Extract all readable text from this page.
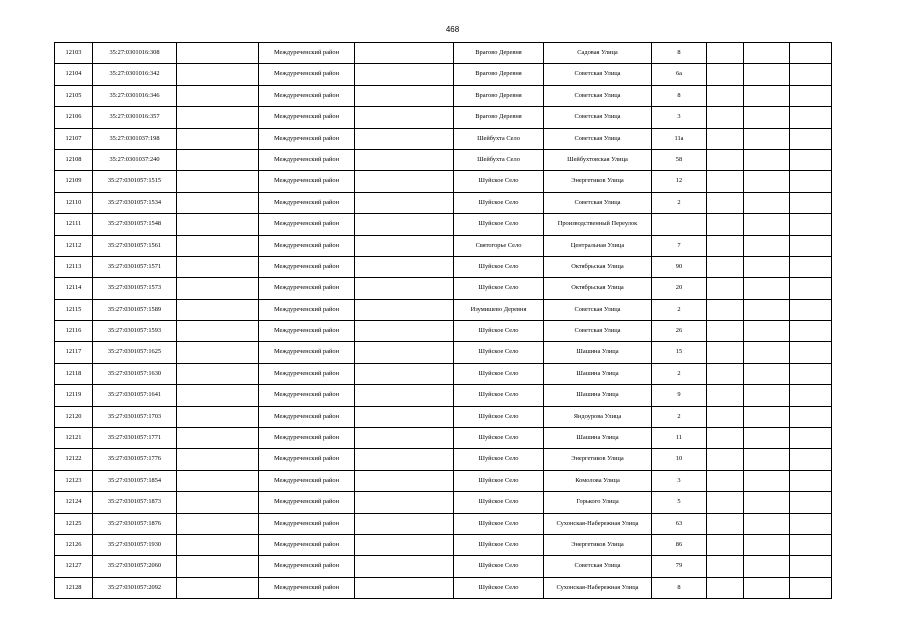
468
12103	35:27:0301016:308		Междуреченский район		Врагово Деревня	Садовая Улица	8			
12104	35:27:0301016:342		Междуреченский район		Врагово Деревня	Советская Улица	6а			
12105	35:27:0301016:346		Междуреченский район		Врагово Деревня	Советская Улица	8			
12106	35:27:0301016:357		Междуреченский район		Врагово Деревня	Советская Улица	3			
12107	35:27:0301037:198		Междуреченский район		Шейбухта Село	Советская Улица	11а			
12108	35:27:0301037:240		Междуреченский район		Шейбухта Село	Шейбухтовская Улица	58			
12109	35:27:0301057:1515		Междуреченский район		Шуйское Село	Энергетиков Улица	12			
12110	35:27:0301057:1534		Междуреченский район		Шуйское Село	Советская Улица	2			
12111	35:27:0301057:1548		Междуреченский район		Шуйское Село	Производственный Переулок				
12112	35:27:0301057:1561		Междуреченский район		Святогорье Село	Центральная Улица	7			
12113	35:27:0301057:1571		Междуреченский район		Шуйское Село	Октябрьская Улица	90			
12114	35:27:0301057:1573		Междуреченский район		Шуйское Село	Октябрьская Улица	20			
12115	35:27:0301057:1589		Междуреченский район		Изумишево Деревня	Советская Улица	2			
12116	35:27:0301057:1593		Междуреченский район		Шуйское Село	Советская Улица	26			
12117	35:27:0301057:1625		Междуреченский район		Шуйское Село	Шашина Улица	15			
12118	35:27:0301057:1630		Междуреченский район		Шуйское Село	Шашина Улица	2			
12119	35:27:0301057:1641		Междуреченский район		Шуйское Село	Шашина Улица	9			
12120	35:27:0301057:1703		Междуреченский район		Шуйское Село	Яндоурова Улица	2			
12121	35:27:0301057:1771		Междуреченский район		Шуйское Село	Шашина Улица	11			
12122	35:27:0301057:1776		Междуреченский район		Шуйское Село	Энергетиков Улица	10			
12123	35:27:0301057:1854		Междуреченский район		Шуйское Село	Комолова Улица	3			
12124	35:27:0301057:1873		Междуреченский район		Шуйское Село	Горького Улица	5			
12125	35:27:0301057:1876		Междуреченский район		Шуйское Село	Сухонская-Набережная Улица	63			
12126	35:27:0301057:1930		Междуреченский район		Шуйское Село	Энергетиков Улица	86			
12127	35:27:0301057:2060		Междуреченский район		Шуйское Село	Советская Улица	79			
12128	35:27:0301057:2092		Междуреченский район		Шуйское Село	Сухонская-Набережная Улица	8			
